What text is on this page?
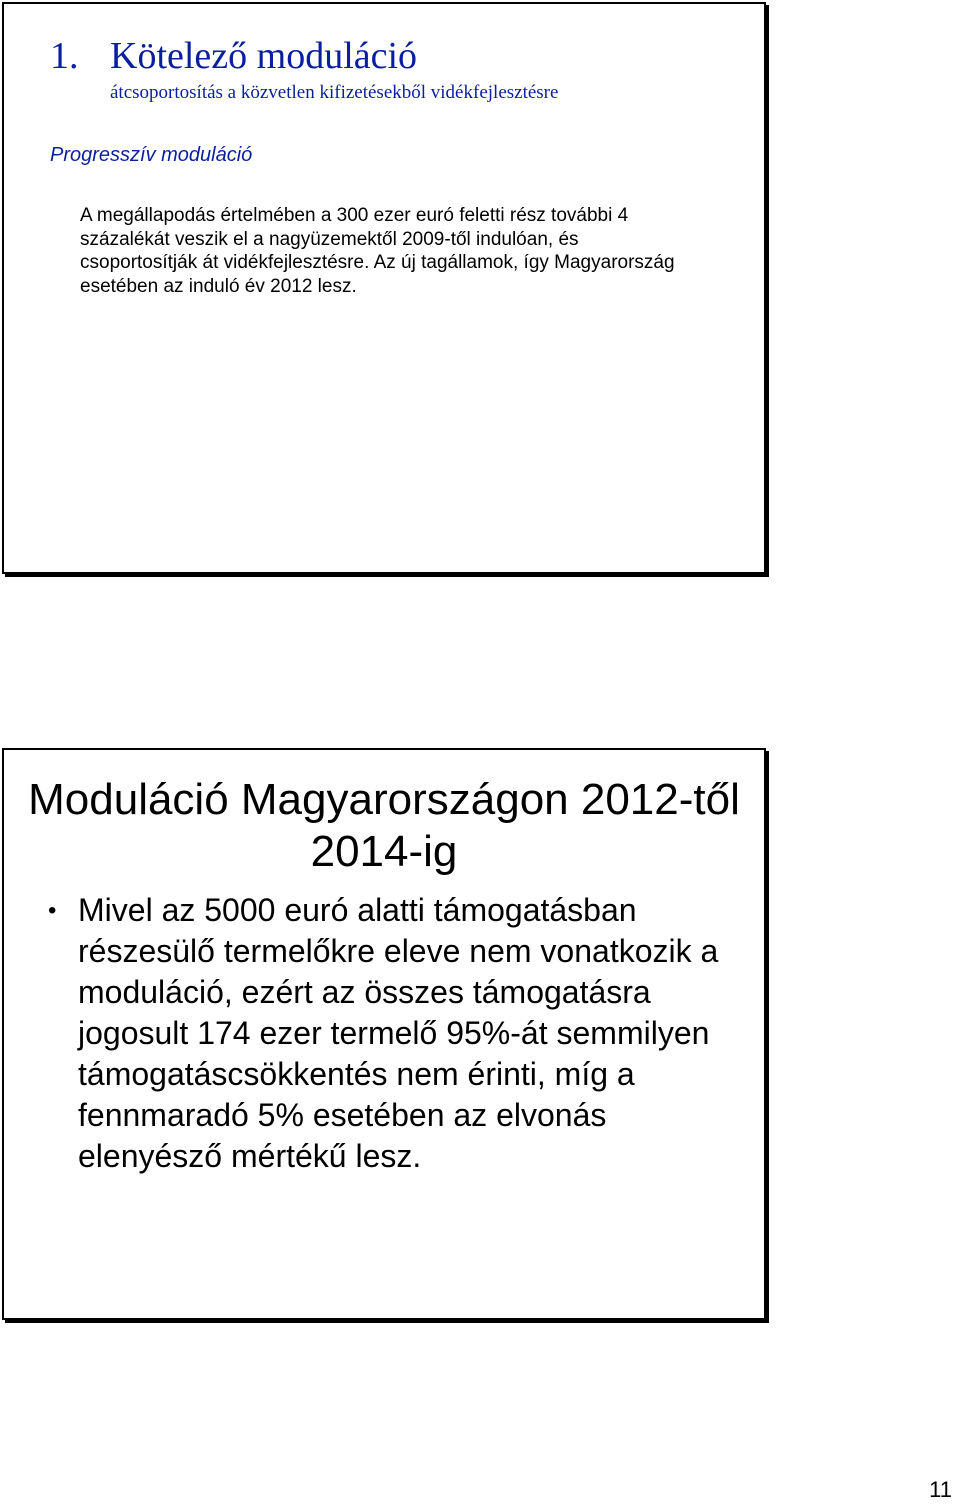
1. Kötelező moduláció
átcsoportosítás a közvetlen kifizetésekből vidékfejlesztésre
Progresszív moduláció

A megállapodás értelmében a 300 ezer euró feletti rész további 4 százalékát veszik el a nagyüzemektől 2009-től indulóan, és csoportosítják át vidékfejlesztésre. Az új tagállamok, így Magyarország esetében az induló év 2012 lesz.

Moduláció Magyarországon 2012-től 2014-ig
• Mivel az 5000 euró alatti támogatásban részesülő termelőkre eleve nem vonatkozik a moduláció, ezért az összes támogatásra jogosult 174 ezer termelő 95%-át semmilyen támogatáscsökkentés nem érinti, míg a fennmaradó 5% esetében az elvonás elenyésző mértékű lesz.
11
